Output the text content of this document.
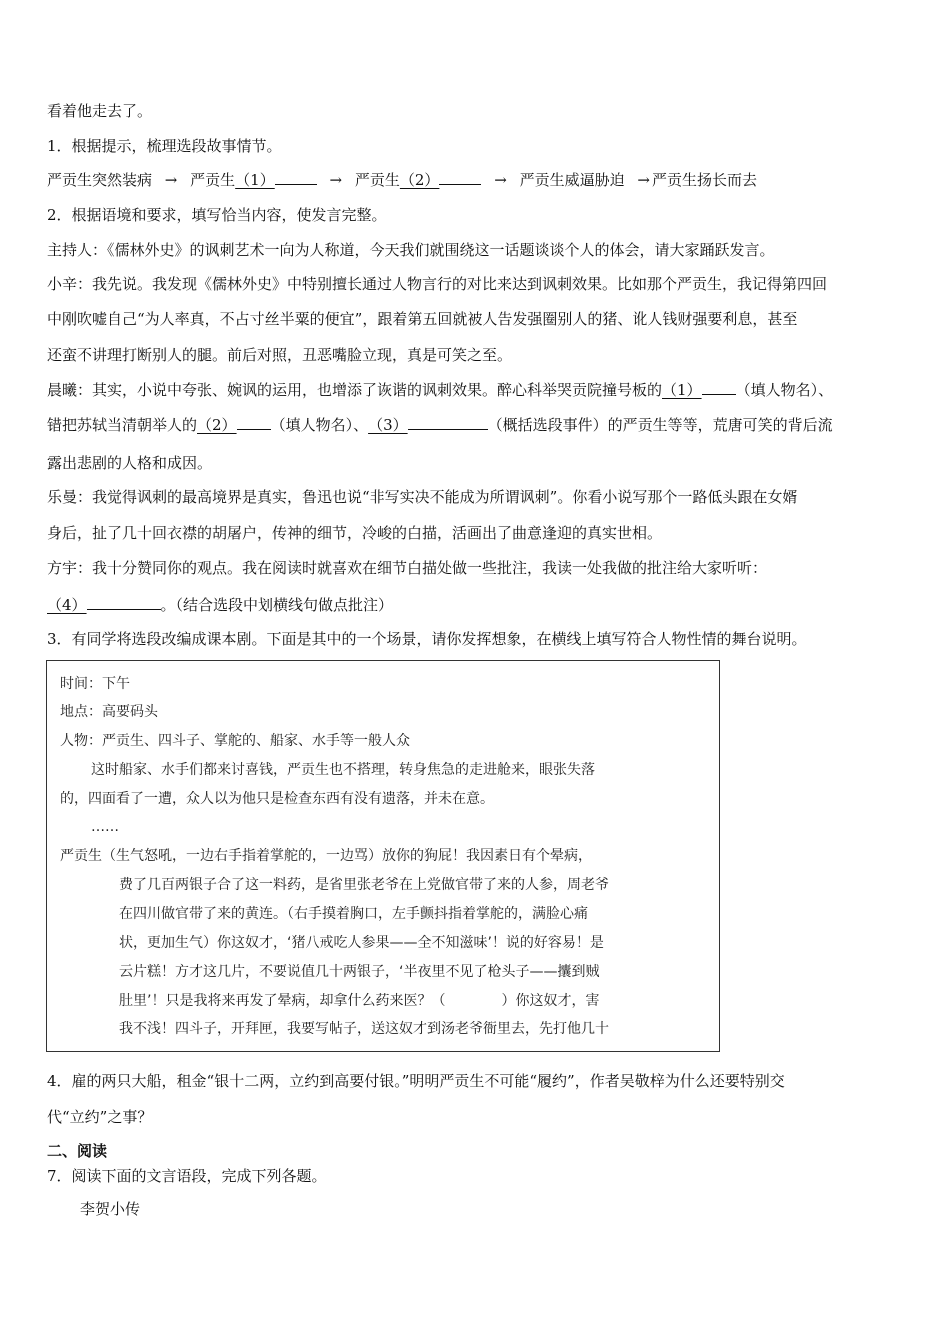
看着他走去了。
1．根据提示，梳理选段故事情节。
严贡生突然装病 → 严贡生（1）	→ 严贡生（2）	→ 严贡生威逼胁迫 → 严贡生扬长而去
2．根据语境和要求，填写恰当内容，使发言完整。
主持人：《儒林外史》的讽刺艺术一向为人称道，今天我们就围绕这一话题谈谈个人的体会，请大家踊跃发言。
小辛：我先说。我发现《儒林外史》中特别擅长通过人物言行的对比来达到讽刺效果。比如那个严贡生，我记得第四回
中刚吹嘘自己“为人率真，不占寸丝半粟的便宜”，跟着第五回就被人告发强圈别人的猪、讹人钱财强要利息，甚至
还蛮不讲理打断别人的腿。前后对照，丑恶嘴脸立现，真是可笑之至。
晨曦：其实，小说中夸张、婉讽的运用，也增添了诙谐的讽刺效果。醉心科举哭贡院撞号板的（1） （填人物名）、
错把苏轼当清朝举人的（2） （填人物名）、（3）	（概括选段事件）的严贡生等等，荒唐可笑的背后流
露出悲剧的人格和成因。
乐曼：我觉得讽刺的最高境界是真实，鲁迅也说“非写实决不能成为所谓讽刺”。你看小说写那个一路低头跟在女婿
身后，扯了几十回衣襟的胡屠户，传神的细节，冷峻的白描，活画出了曲意逢迎的真实世相。
方宇：我十分赞同你的观点。我在阅读时就喜欢在细节白描处做一些批注，我读一处我做的批注给大家听听：
（4）	。（结合选段中划横线句做点批注）
3．有同学将选段改编成课本剧。下面是其中的一个场景，请你发挥想象，在横线上填写符合人物性情的舞台说明。
时间：下午
地点：高要码头
人物：严贡生、四斗子、掌舵的、船家、水手等一般人众
这时船家、水手们都来讨喜钱，严贡生也不搭理，转身焦急的走进舱来，眼张失落
的，四面看了一遭，众人以为他只是检查东西有没有遗落，并未在意。
……
严贡生（生气怒吼，一边右手指着掌舵的，一边骂）放你的狗屁！我因素日有个晕病，
费了几百两银子合了这一料药，是省里张老爷在上党做官带了来的人参，周老爷
在四川做官带了来的黄连。（右手摸着胸口，左手颤抖指着掌舵的，满脸心痛
状，更加生气）你这奴才，‘猪八戒吃人参果——全不知滋味’！说的好容易！是
云片糕！方才这几片，不要说值几十两银子，‘半夜里不见了枪头子——攮到贼
肚里’！只是我将来再发了晕病，却拿什么药来医？（　　　　）你这奴才，害
我不浅！四斗子，开拜匣，我要写帖子，送这奴才到汤老爷衙里去，先打他几十
4．雇的两只大船，租金“银十二两，立约到高要付银。”明明严贡生不可能“履约”，作者吴敬梓为什么还要特别交
代“立约”之事？
二、阅读
7．阅读下面的文言语段，完成下列各题。
李贺小传
